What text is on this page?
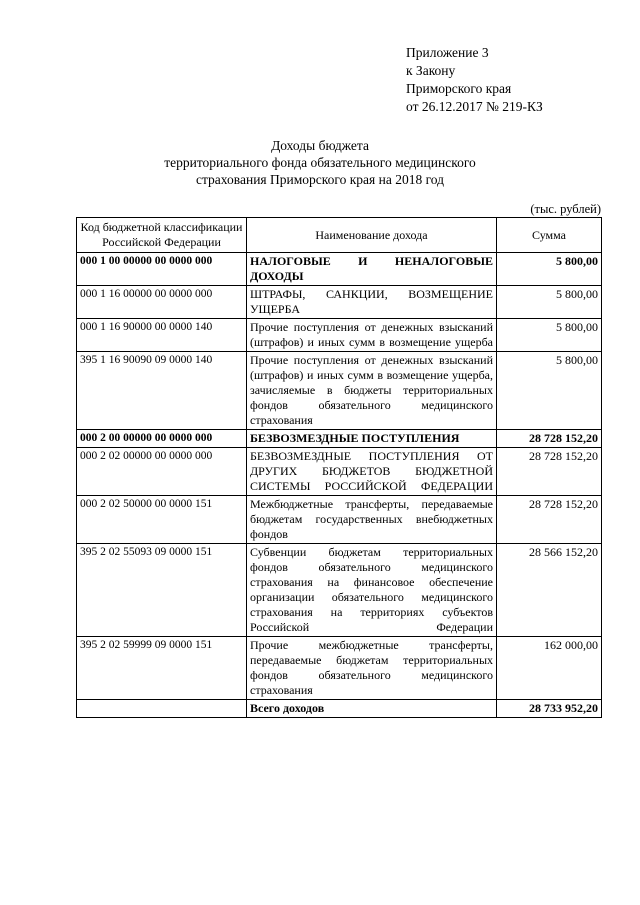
Приложение 3
к Закону
Приморского края
от 26.12.2017 № 219-КЗ
Доходы бюджета
территориального фонда обязательного медицинского
страхования Приморского края на 2018 год
(тыс. рублей)
Код бюджетной классификации Российской Федерации	Наименование дохода	Сумма
000 1 00 00000 00 0000 000	НАЛОГОВЫЕ И НЕНАЛОГОВЫЕ ДОХОДЫ	5 800,00
000 1 16 00000 00 0000 000	ШТРАФЫ, САНКЦИИ, ВОЗМЕЩЕНИЕ УЩЕРБА	5 800,00
000 1 16 90000 00 0000 140	Прочие поступления от денежных взысканий (штрафов) и иных сумм в возмещение ущерба	5 800,00
395 1 16 90090 09 0000 140	Прочие поступления от денежных взысканий (штрафов) и иных сумм в возмещение ущерба, зачисляемые в бюджеты территориальных фондов обязательного медицинского страхования	5 800,00
000 2 00 00000 00 0000 000	БЕЗВОЗМЕЗДНЫЕ ПОСТУПЛЕНИЯ	28 728 152,20
000 2 02 00000 00 0000 000	БЕЗВОЗМЕЗДНЫЕ ПОСТУПЛЕНИЯ ОТ ДРУГИХ БЮДЖЕТОВ БЮДЖЕТНОЙ СИСТЕМЫ РОССИЙСКОЙ ФЕДЕРАЦИИ	28 728 152,20
000 2 02 50000 00 0000 151	Межбюджетные трансферты, передаваемые бюджетам государственных внебюджетных фондов	28 728 152,20
395 2 02 55093 09 0000 151	Субвенции бюджетам территориальных фондов обязательного медицинского страхования на финансовое обеспечение организации обязательного медицинского страхования на территориях субъектов Российской Федерации	28 566 152,20
395 2 02 59999 09 0000 151	Прочие межбюджетные трансферты, передаваемые бюджетам территориальных фондов обязательного медицинского страхования	162 000,00
	Всего доходов	28 733 952,20
